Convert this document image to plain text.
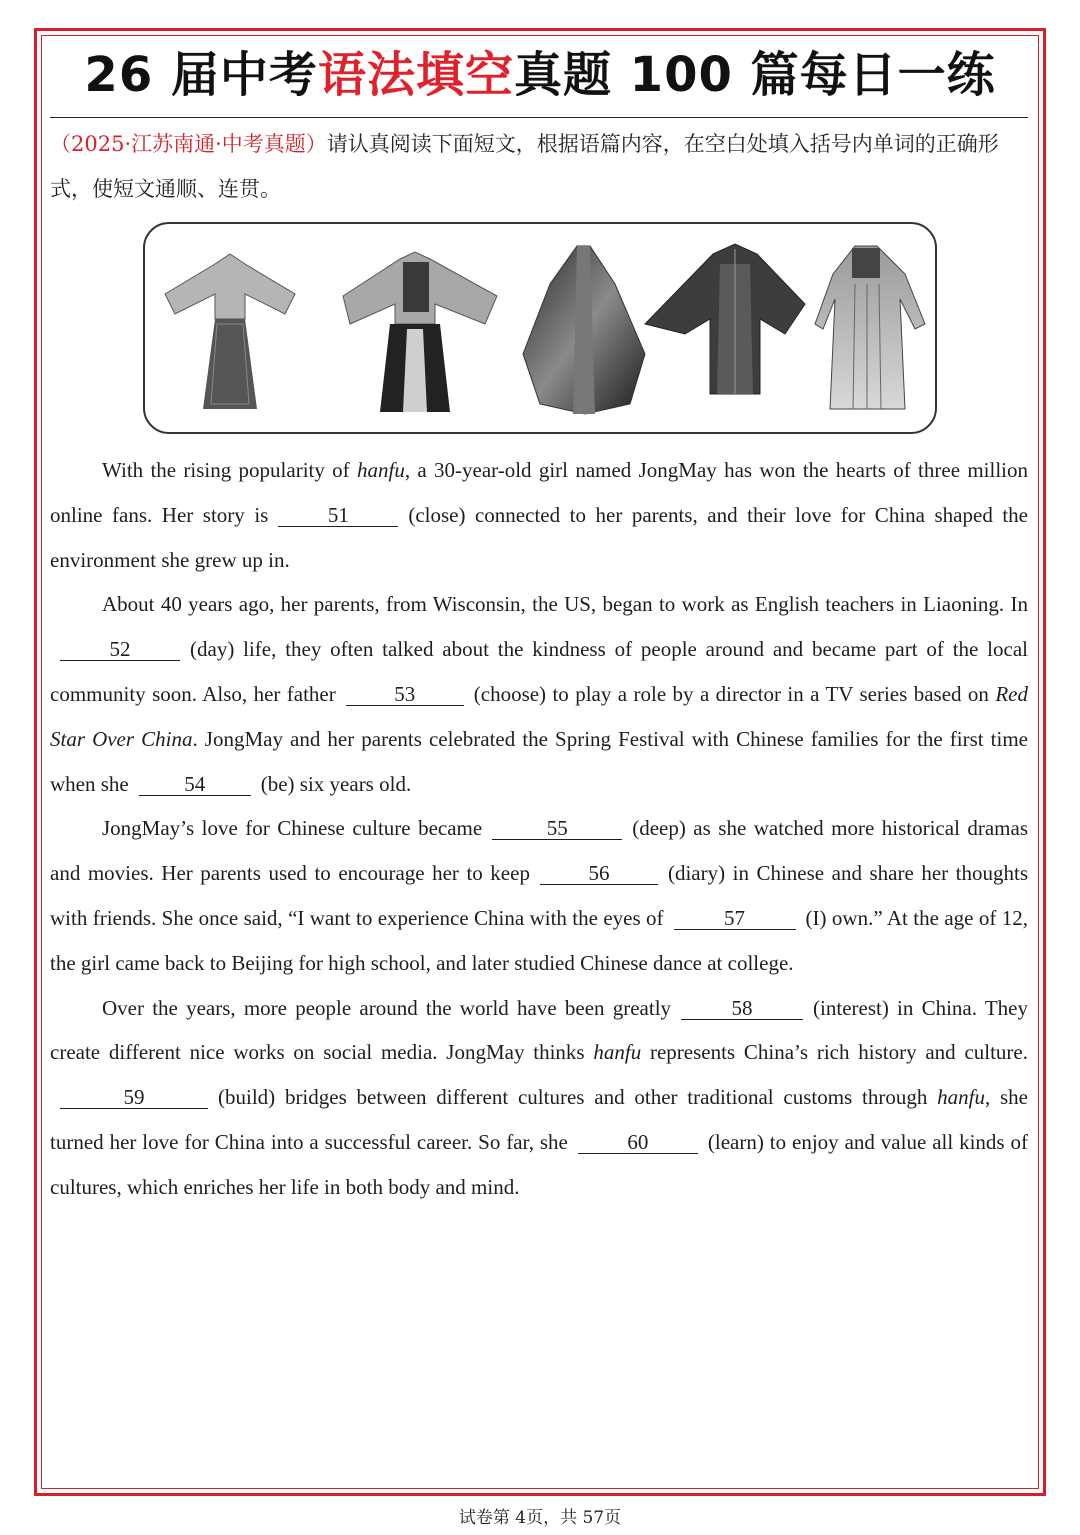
26 届中考语法填空真题 100 篇每日一练
（2025·江苏南通·中考真题）请认真阅读下面短文，根据语篇内容，在空白处填入括号内单词的正确形式，使短文通顺、连贯。

With the rising popularity of hanfu, a 30-year-old girl named JongMay has won the hearts of three million online fans. Her story is	51	(close) connected to her parents, and their love for China shaped the environment she grew up in.

About 40 years ago, her parents, from Wisconsin, the US, began to work as English teachers in Liaoning. In52	(day) life, they often talked about the kindness of people around and became part of the local community soon. Also, her father	53	(choose) to play a role by a director in a TV series based on Red Star Over China. JongMay and her parents celebrated the Spring Festival with Chinese families for the first time when she	54	(be) six years old.

JongMay’s love for Chinese culture became	55	(deep) as she watched more historical dramas and movies. Her parents used to encourage her to keep	56	(diary) in Chinese and share her thoughts with friends. She once said, “I want to experience China with the eyes of	57	(I) own.” At the age of 12, the girl came back to Beijing for high school, and later studied Chinese dance at college.

Over the years, more people around the world have been greatly	58	(interest) in China. They create different nice works on social media. JongMay thinks hanfu represents China’s rich history and culture.59	(build) bridges between different cultures and other traditional customs through hanfu, she turned her love for China into a successful career. So far, she	60	(learn) to enjoy and value all kinds of cultures, which enriches her life in both body and mind.

试卷第 4页，共 57页
